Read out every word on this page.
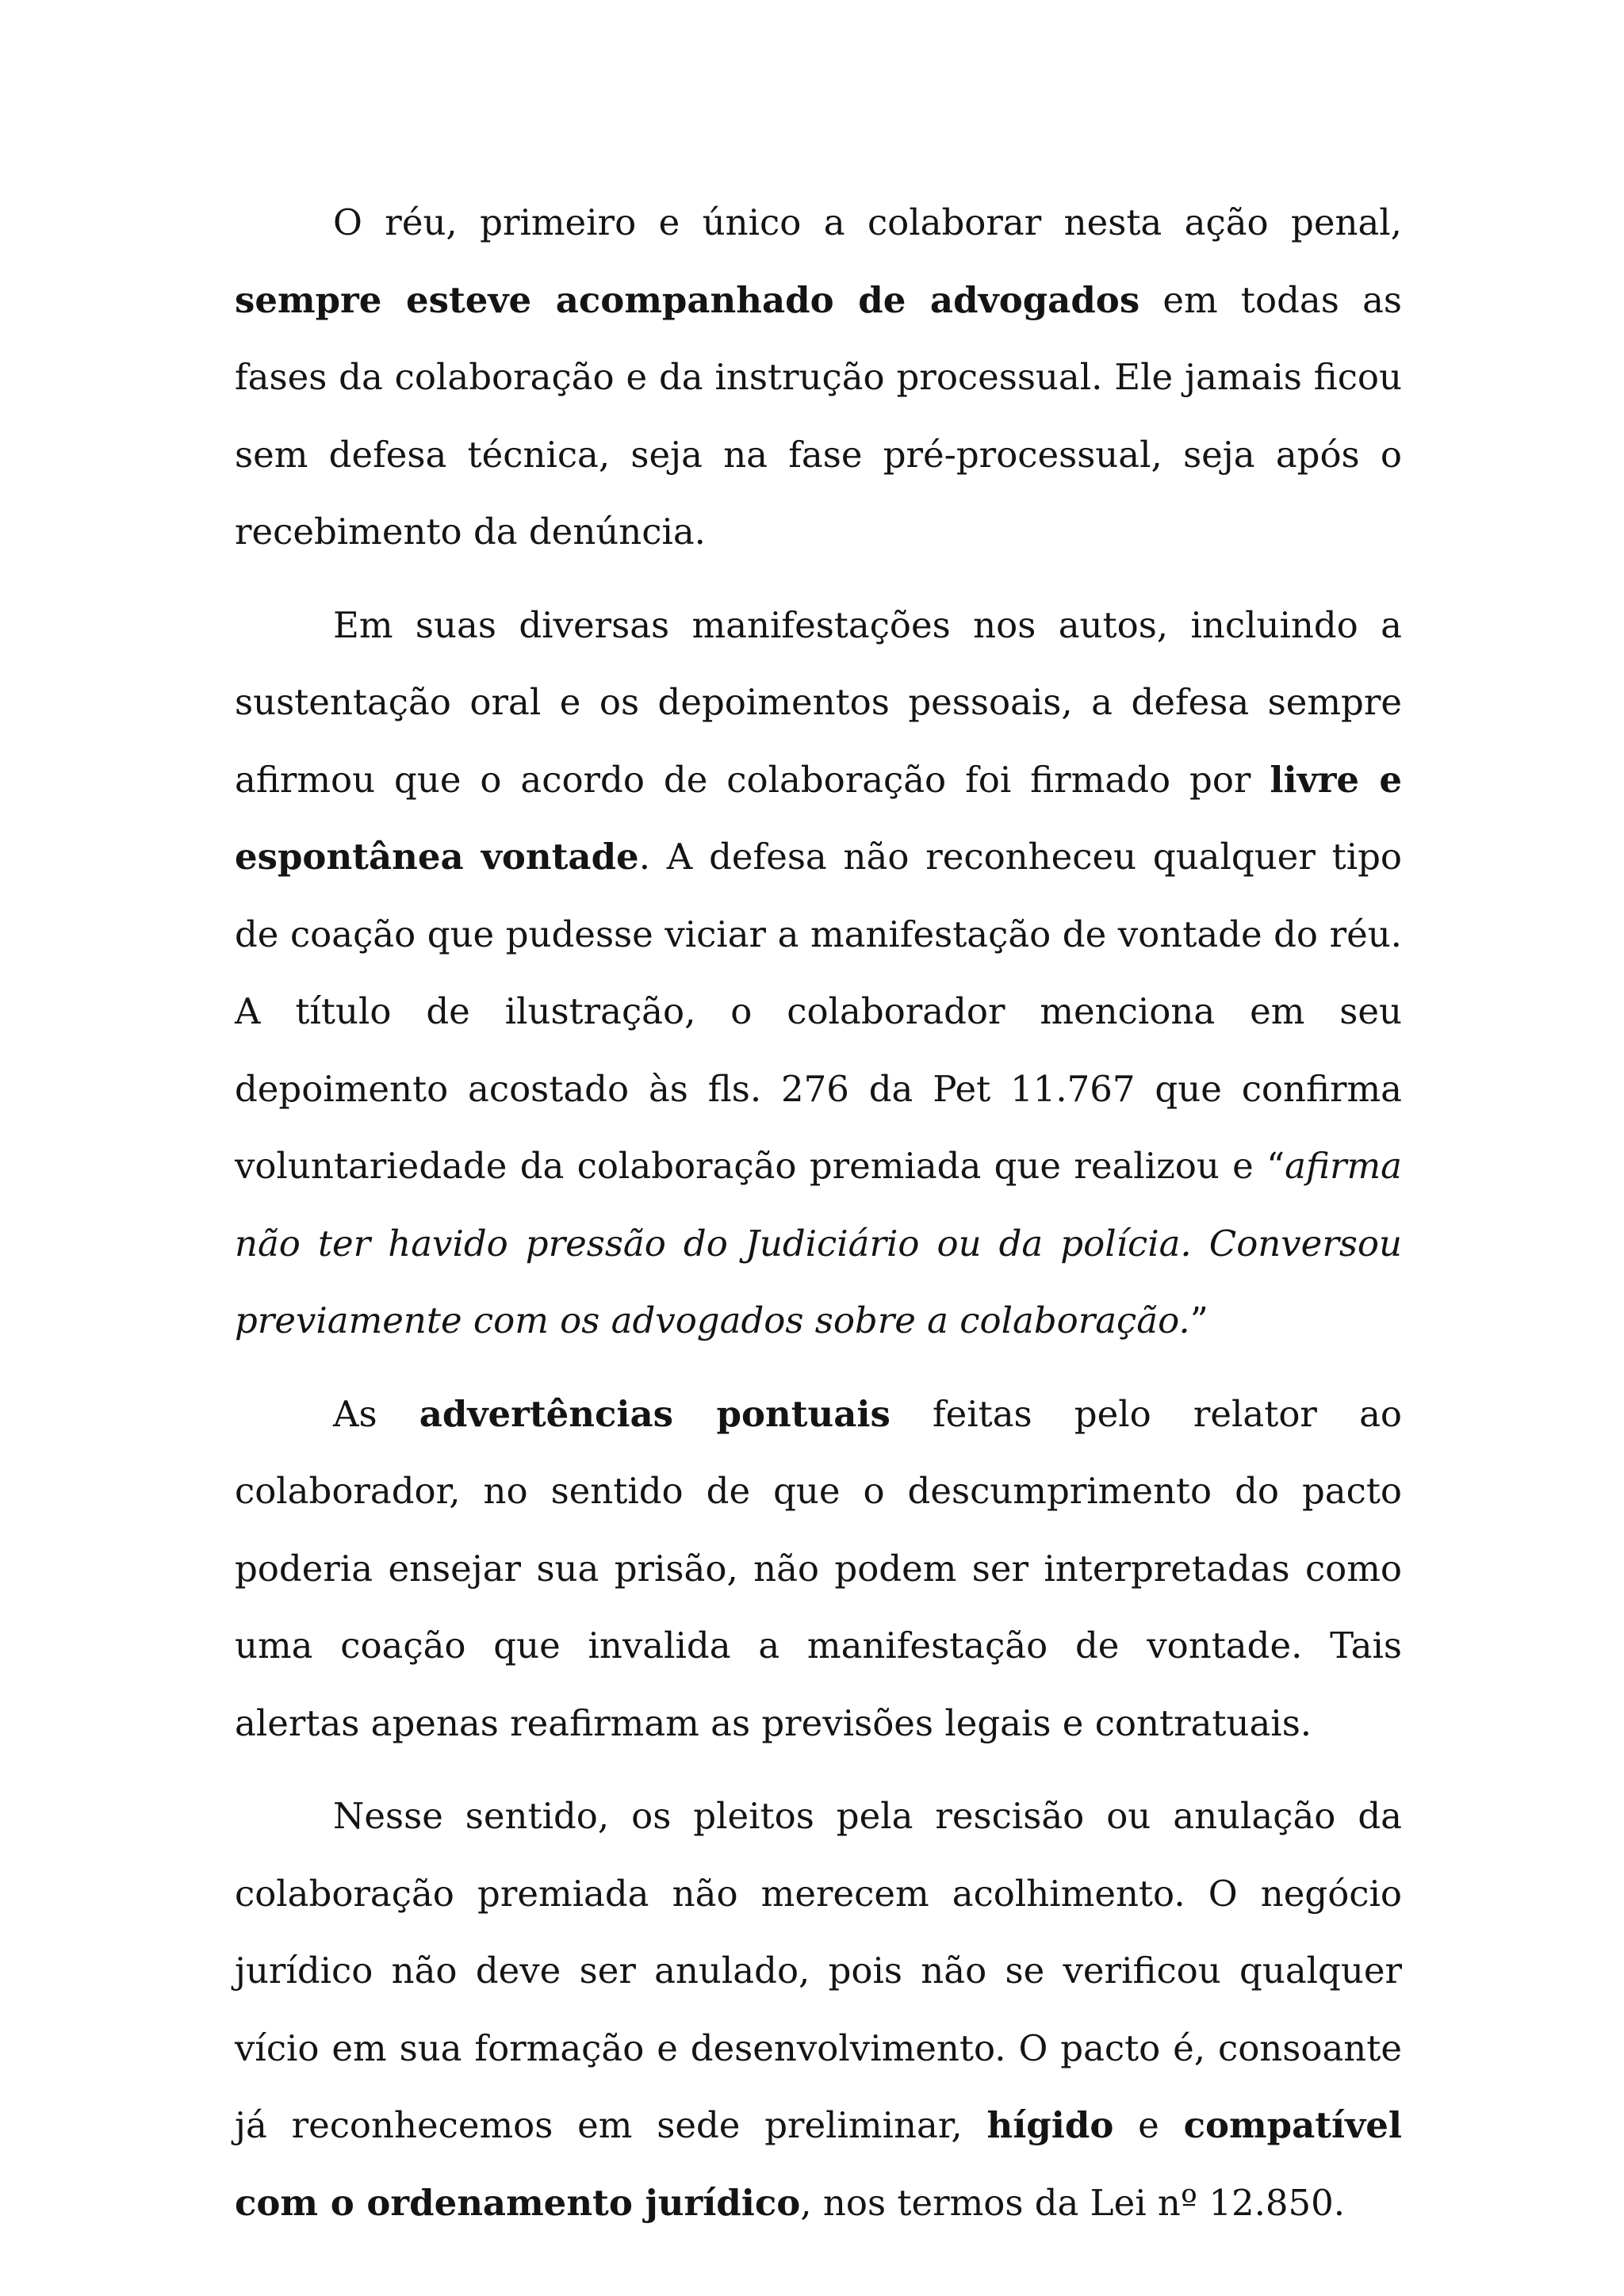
O réu, primeiro e único a colaborar nesta ação penal, sempre esteve acompanhado de advogados em todas as fases da colaboração e da instrução processual. Ele jamais ficou sem defesa técnica, seja na fase pré-processual, seja após o recebimento da denúncia.

Em suas diversas manifestações nos autos, incluindo a sustentação oral e os depoimentos pessoais, a defesa sempre afirmou que o acordo de colaboração foi firmado por livre e espontânea vontade. A defesa não reconheceu qualquer tipo de coação que pudesse viciar a manifestação de vontade do réu. A título de ilustração, o colaborador menciona em seu depoimento acostado às fls. 276 da Pet 11.767 que confirma voluntariedade da colaboração premiada que realizou e “afirma não ter havido pressão do Judiciário ou da polícia. Conversou previamente com os advogados sobre a colaboração.”

As advertências pontuais feitas pelo relator ao colaborador, no sentido de que o descumprimento do pacto poderia ensejar sua prisão, não podem ser interpretadas como uma coação que invalida a manifestação de vontade. Tais alertas apenas reafirmam as previsões legais e contratuais.

Nesse sentido, os pleitos pela rescisão ou anulação da colaboração premiada não merecem acolhimento. O negócio jurídico não deve ser anulado, pois não se verificou qualquer vício em sua formação e desenvolvimento. O pacto é, consoante já reconhecemos em sede preliminar, hígido e compatível com o ordenamento jurídico, nos termos da Lei nº 12.850.
